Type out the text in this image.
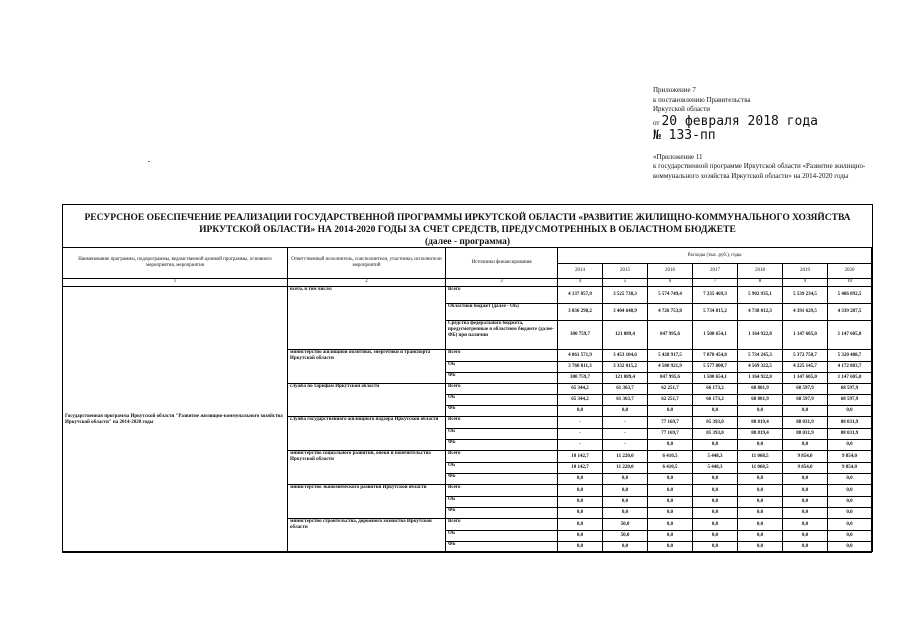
Приложение 7
к постановлению Правительства
Иркутской области
от 20 февраля 2018 года
№ 133-пп
«Приложение 11
к государственной программе Иркутской области «Развитие жилищно-коммунального хозяйства Иркутской области» на 2014-2020 годы
РЕСУРСНОЕ ОБЕСПЕЧЕНИЕ РЕАЛИЗАЦИИ ГОСУДАРСТВЕННОЙ ПРОГРАММЫ ИРКУТСКОЙ ОБЛАСТИ «РАЗВИТИЕ ЖИЛИЩНО-КОММУНАЛЬНОГО ХОЗЯЙСТВА
ИРКУТСКОЙ ОБЛАСТИ» НА 2014-2020 ГОДЫ ЗА СЧЕТ СРЕДСТВ, ПРЕДУСМОТРЕННЫХ В ОБЛАСТНОМ БЮДЖЕТЕ
(далее - программа)
Наименование программы, подпрограммы, ведомственной целевой программы, основного мероприятия, мероприятия	Ответственный исполнитель, соисполнители, участники, исполнители мероприятий	Источники финансирования	Расходы (тыс. руб.), годы						
			2014	2015	2016	2017	2018	2019	2020
1	2	3	4	5	6	7	8	9	10
Государственная программа Иркутской области "Развитие жилищно-коммунального хозяйства Иркутской области" на 2014-2020 годы	всего, в том числе:	Всего	4 137 057,9	3 525 738,3	5 574 749,4	7 235 469,3	5 902 935,1	5 539 234,5	5 486 892,5
		Областной бюджет (далее - ОБ)	3 836 298,2	3 404 648,9	4 726 753,8	5 734 815,2	4 738 012,3	4 391 629,5	4 339 287,5
		Средства федерального бюджета, предусмотренные в областном бюджете (далее-ФБ) при наличии	300 759,7	121 089,4	847 995,6	1 500 654,1	1 164 922,8	1 147 605,0	1 147 605,0
	министерство жилищной политики, энергетики и транспорта Иркутской области	Всего	4 061 571,9	3 453 104,6	5 428 917,5	7 078 454,8	5 734 245,3	5 372 750,7	5 320 408,7
		ОБ	3 760 811,3	3 332 015,2	4 580 921,9	5 577 800,7	4 569 322,5	4 225 145,7	4 172 803,7
		ФБ	300 759,7	121 089,4	847 995,6	1 500 654,1	1 164 922,8	1 147 605,0	1 147 605,0
	служба по тарифам Иркутской области	Всего	65 344,2	61 363,7	62 251,7	66 173,2	68 801,9	68 597,9	68 597,9
		ОБ	65 344,2	61 363,7	62 251,7	66 173,2	68 801,9	68 597,9	68 597,9
		ФБ	0,0	0,0	0,0	0,0	0,0	0,0	0,0
	служба государственного жилищного надзора Иркутской области	Всего	-	-	77 169,7	85 393,0	88 819,4	88 031,9	88 031,9
		ОБ	-	-	77 169,7	85 393,0	88 819,4	88 031,9	88 031,9
		ФБ	-	-	0,0	0,0	0,0	0,0	0,0
	министерство социального развития, опеки и попечительства Иркутской области	Всего	10 142,7	11 220,0	6 410,5	5 448,3	11 068,5	9 854,0	9 854,0
		ОБ	10 142,7	11 220,0	6 410,5	5 448,3	11 068,5	9 854,0	9 854,0
		ФБ	0,0	0,0	0,0	0,0	0,0	0,0	0,0
	министерство экономического развития Иркутской области	Всего	0,0	0,0	0,0	0,0	0,0	0,0	0,0
		ОБ	0,0	0,0	0,0	0,0	0,0	0,0	0,0
		ФБ	0,0	0,0	0,0	0,0	0,0	0,0	0,0
	министерство строительства, дорожного хозяйства Иркутской области	Всего	0,0	50,0	0,0	0,0	0,0	0,0	0,0
		ОБ	0,0	50,0	0,0	0,0	0,0	0,0	0,0
		ФБ	0,0	0,0	0,0	0,0	0,0	0,0	0,0
